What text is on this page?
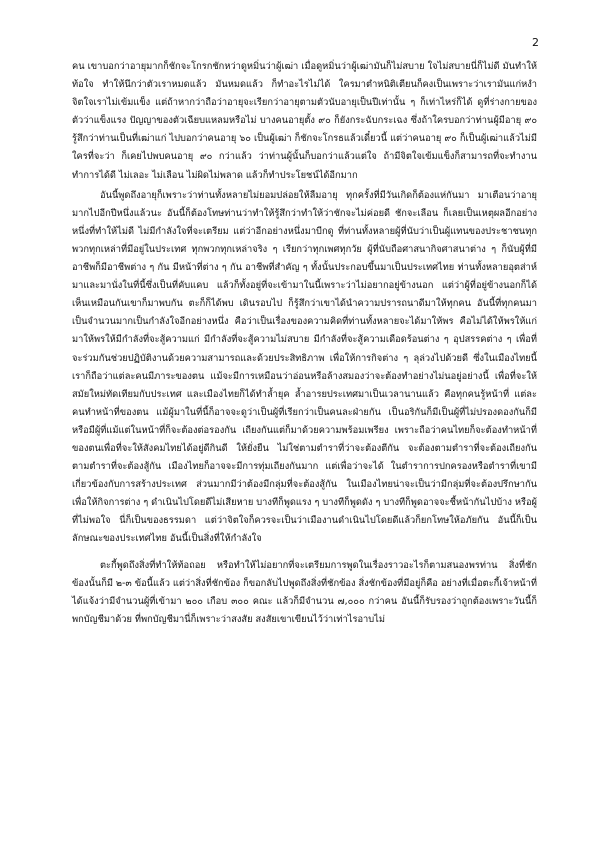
2

คน เขาบอกว่าอายุมากก็ชักจะโกรกชักหว่าดูหมิ่นว่าผู้เฒ่า เมื่อดูหมิ่นว่าผู้เฒ่ามันก็ไม่สบาย ใจไม่สบายนี่ก็ไม่ดี มันทำให้ท้อใจ ทำให้นึกว่าตัวเราหมดแล้ว มันหมดแล้ว ก็ทำอะไรไม่ได้ ใครมาตำหนิติเตียนก็คงเป็นเพราะว่าเรามันแก่หงำ จิตใจเราไม่เข้มแข็ง แต่ถ้าหากว่าถือว่าอายุจะเรียกว่าอายุตามตัวนับอายุเป็นปีเท่านั้น ๆ ก็เท่าไหร่ก็ได้ ดูที่ร่างกายของตัวว่าแข็งแรง ปัญญาของตัวเฉียบแหลมหรือไม่ บางคนอายุตั้ง ๙๐ ก็ยังกระฉับกระเฉง ซึ่งถ้าใครบอกว่าท่านผู้มีอายุ ๙๐ รู้สึกว่าท่านเป็นที่เฒ่าแก่ ไปบอกว่าคนอายุ ๖๐ เป็นผู้เฒ่า ก็ชักจะโกรธแล้วเดี๋ยวนี้ แต่ว่าคนอายุ ๙๐ ก็เป็นผู้เฒ่าแล้วไม่มีใครที่จะว่า ก็เคยไปพบคนอายุ ๙๐ กว่าแล้ว ว่าท่านผู้นั้นก็บอกว่าแล้วแต่ใจ ถ้ามีจิตใจเข้มแข็งก็สามารถที่จะทำงานทำการได้ดี ไม่เลอะ ไม่เลือน ไม่ผิดไม่พลาด แล้วก็ทำประโยชน์ได้อีกมาก

อันนี้พูดถึงอายุก็เพราะว่าท่านทั้งหลายไม่ยอมปล่อยให้ลืมอายุ ทุกครั้งที่มีวันเกิดก็ต้องแห่กันมา มาเตือนว่าอายุมากไปอีกปีหนึ่งแล้วนะ อันนี้ก็ต้องโทษท่านว่าทำให้รู้สึกว่าทำให้ว่าชักจะไม่ค่อยดี ชักจะเลือน ก็เลยเป็นเหตุผลอีกอย่างหนึ่งที่ทำให้ไม่ดี ไม่มีกำลังใจที่จะเตรียม แต่ว่าอีกอย่างหนึ่งมาบีกดู ที่ท่านทั้งหลายผู้ที่นับว่าเป็นผู้แทนของประชาชนทุกพวกทุกเหล่าที่มีอยู่ในประเทศ ทุกพวกทุกเหล่าจริง ๆ เรียกว่าทุกเพศทุกวัย ผู้ที่นับถือศาสนากิจศาสนาต่าง ๆ ก็นับผู้ที่มีอาชีพก็มีอาชีพต่าง ๆ กัน มีหน้าที่ต่าง ๆ กัน อาชีพที่สำคัญ ๆ ทั้งนั้นประกอบขึ้นมาเป็นประเทศไทย ท่านทั้งหลายอุตส่าห์มาและมานั่งในที่นี้ซึ่งเป็นที่คับแคบ แล้วก็ทั้งอยู่ที่จะเข้ามาในนี้เพราะว่าไม่อยากอยู่ข้างนอก แต่ว่าผู้ที่อยู่ข้างนอกก็ได้เห็นเหมือนกันเขาก็มาพบกัน ตะก็ก็ได้พบ เดินรอบไป ก็รู้สึกว่าเขาได้นำความปรารถนาดีมาให้ทุกคน อันนี้ที่ทุกคนมาเป็นจำนวนมากเป็นกำลังใจอีกอย่างหนึ่ง คือว่าเป็นเรื่องของความคิดที่ท่านทั้งหลายจะได้มาให้พร คือไม่ได้ให้พรให้แก่ มาให้พรให้มีกำลังที่จะสู้ความแก่ มีกำลังที่จะสู้ความไม่สบาย มีกำลังที่จะสู้ความเดือดร้อนต่าง ๆ อุปสรรคต่าง ๆ เพื่อที่จะร่วมกันช่วยปฏิบัติงานด้วยความสามารถและด้วยประสิทธิภาพ เพื่อให้การกิจต่าง ๆ ลุล่วงไปด้วยดี ซึ่งในเมืองไทยนี้เราก็ถือว่าแต่ละคนมีภาระของตน แม้จะมีการเหมือนว่าอ่อนหรือล้างสมองว่าจะต้องทำอย่างไม่นอยู่อย่างนี้ เพื่อที่จะให้สมัยใหม่ทัดเทียมกับประเทศ และเมืองไทยก็ได้ทำล้ำยุค ล้ำอารยประเทศมาเป็นเวลานานแล้ว คือทุกคนรู้หน้าที่ แต่ละคนทำหน้าที่ของตน แม้ผู้มาในที่นี้ก็อาจจะดูว่าเป็นผู้ที่เรียกว่าเป็นคนละฝ่ายกัน เป็นอริกันก็มีเป็นผู้ที่ไม่ปรองดองกันก็มีหรือมีผู้ที่แม้แต่ในหน้าที่ก็จะต้องต่อรองกัน เถียงกันแต่ก็มาด้วยความพร้อมเพรียง เพราะถือว่าคนไทยก็จะต้องทำหน้าที่ของตนเพื่อที่จะให้สังคมไทยได้อยู่ดีกินดี ให้ยั่งยืน ไม่ใช่ตามตำราที่ว่าจะต้องตีกัน จะต้องตามตำราที่จะต้องเถียงกัน ตามตำราที่จะต้องสู้กัน เมืองไทยก็อาจจะมีการทุ่มเถียงกันมาก แต่เพื่อว่าจะได้ ในตำราการปกครองหรือตำราที่เขามีเกี่ยวข้องกับการสร้างประเทศ ส่วนมากมีว่าต้องมีกลุ่มที่จะต้องสู้กัน ในเมืองไทยน่าจะเป็นว่ามีกลุ่มที่จะต้องปรึกษากัน เพื่อให้กิจการต่าง ๆ ดำเนินไปโดยดีไม่เสียหาย บางทีก็พูดแรง ๆ บางทีก็พูดดัง ๆ บางทีก็พูดอาจจะชี้หน้ากันไปบ้าง หรือผู้ที่ไม่พอใจ นี่ก็เป็นของธรรมดา แต่ว่าจิตใจก็ควรจะเป็นว่าเมืองานดำเนินไปโดยดีแล้วก็ยกโทษให้อภัยกัน อันนี้ก็เป็นลักษณะของประเทศไทย อันนี้เป็นสิ่งที่ให้กำลังใจ

ตะกี้พูดถึงสิ่งที่ทำให้ท้อถอย หรือทำให้ไม่อยากที่จะเตรียมการพูดในเรื่องราวอะไรก็ตามสนองพรท่าน สิ่งที่ชักข้องนั้นก็มี ๒-๓ ข้อนี้แล้ว แต่ว่าสิ่งที่ชักข้อง ก็ขอกลับไปพูดถึงสิ่งที่ชักข้อง สิ่งชักข้องที่มีอยู่ก็คือ อย่างที่เมื่อตะกี้เจ้าหน้าที่ได้แจ้งว่ามีจำนวนผู้ที่เข้ามา ๒๐๐ เกือบ ๓๐๐ คณะ แล้วก็มีจำนวน ๗,๐๐๐ กว่าคน อันนี้ก็รับรองว่าถูกต้องเพราะวันนี้ก็พกบัญชีมาด้วย ที่พกบัญชีมานี่ก็เพราะว่าสงสัย สงสัยเขาเขียนไว้ว่าเท่าไรอาบไม่
